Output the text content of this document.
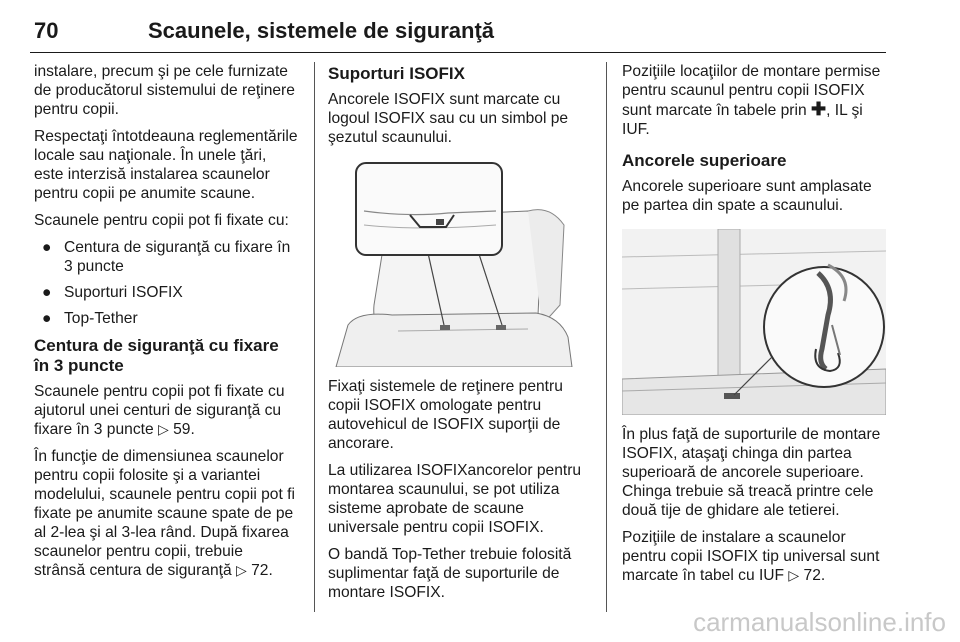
70	Scaunele, sistemele de siguranţă

instalare, precum şi pe cele furnizate de producătorul sistemului de reţinere pentru copii.

Respectaţi întotdeauna reglementările locale sau naţionale. În unele ţări, este interzisă instalarea scaunelor pentru copii pe anumite scaune.

Scaunele pentru copii pot fi fixate cu:

● Centura de siguranţă cu fixare în 3 puncte
● Suporturi ISOFIX
● Top-Tether
Centura de siguranţă cu fixare în 3 puncte

Scaunele pentru copii pot fi fixate cu ajutorul unei centuri de siguranţă cu fixare în 3 puncte ▷ 59.

În funcţie de dimensiunea scaunelor pentru copii folosite şi a variantei modelului, scaunele pentru copii pot fi fixate pe anumite scaune spate de pe al 2-lea şi al 3-lea rând. După fixarea scaunelor pentru copii, trebuie strânsă centura de siguranţă ▷ 72.

Suporturi ISOFIX

Ancorele ISOFIX sunt marcate cu logoul ISOFIX sau cu un simbol pe şezutul scaunului.

Fixaţi sistemele de reţinere pentru copii ISOFIX omologate pentru autovehicul de ISOFIX suporţii de ancorare.

La utilizarea ISOFIXancorelor pentru montarea scaunului, se pot utiliza sisteme aprobate de scaune universale pentru copii ISOFIX.

O bandă Top-Tether trebuie folosită suplimentar faţă de suporturile de montare ISOFIX.

Poziţiile locaţiilor de montare permise pentru scaunul pentru copii ISOFIX sunt marcate în tabele prin ✚, IL şi IUF.

Ancorele superioare

Ancorele superioare sunt amplasate pe partea din spate a scaunului.

În plus faţă de suporturile de montare ISOFIX, ataşaţi chinga din partea superioară de ancorele superioare. Chinga trebuie să treacă printre cele două tije de ghidare ale tetierei.

Poziţiile de instalare a scaunelor pentru copii ISOFIX tip universal sunt marcate în tabel cu IUF ▷ 72.

carmanualsonline.info
